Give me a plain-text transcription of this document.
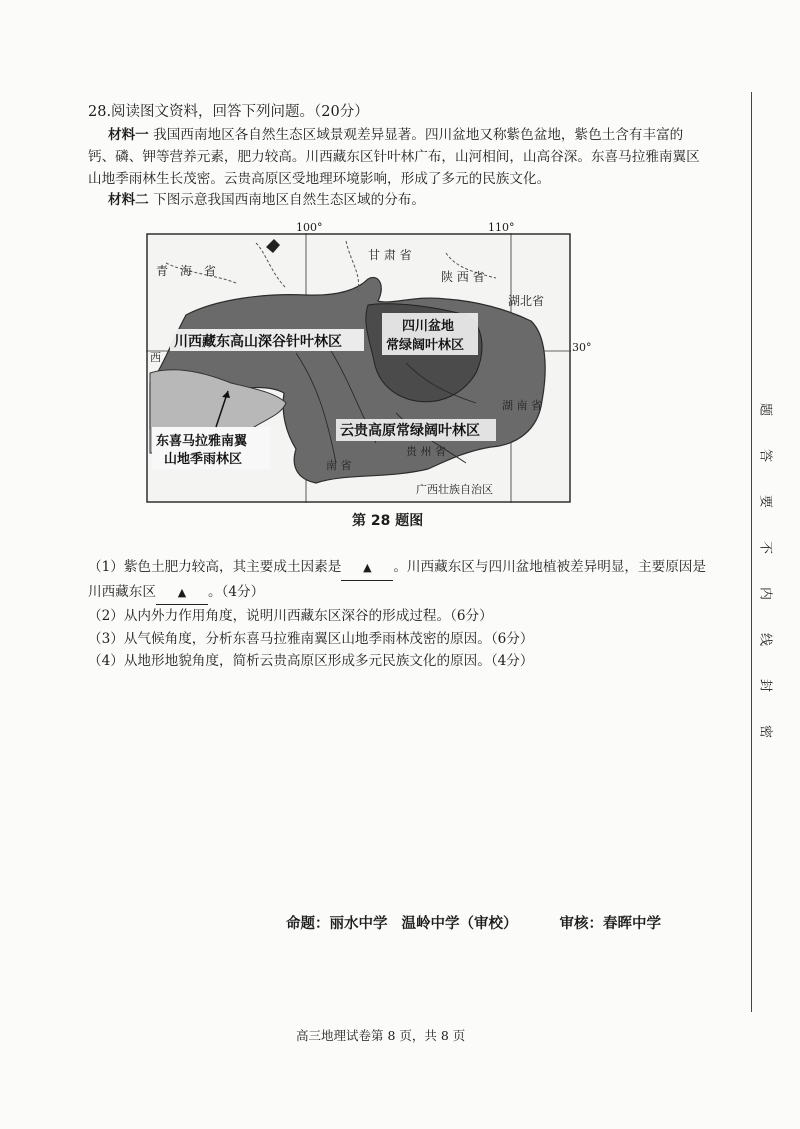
28.阅读图文资料，回答下列问题。（20分）
材料一 我国西南地区各自然生态区域景观差异显著。四川盆地又称紫色盆地，紫色土含有丰富的钙、磷、钾等营养元素，肥力较高。川西藏东区针叶林广布，山河相间，山高谷深。东喜马拉雅南翼区山地季雨林生长茂密。云贵高原区受地理环境影响，形成了多元的民族文化。
材料二 下图示意我国西南地区自然生态区域的分布。
青　海　省
甘 肃 省
陕 西 省
湖北省
湖 南 省
贵 州 省
南 省
广西壮族自治区
西
川西藏东高山深谷针叶林区
四川盆地
常绿阔叶林区
云贵高原常绿阔叶林区
东喜马拉雅南翼
山地季雨林区
100°	110°
30°
第 28 题图

（1）紫色土肥力较高，其主要成土因素是 ▲ 。川西藏东区与四川盆地植被差异明显，主要原因是川西藏东区 ▲ 。（4分）

（2）从内外力作用角度，说明川西藏东区深谷的形成过程。（6分）

（3）从气候角度，分析东喜马拉雅南翼区山地季雨林茂密的原因。（6分）

（4）从地形地貌角度，简析云贵高原区形成多元民族文化的原因。（4分）

命题：丽水中学 温岭中学（审校）	审核：春晖中学
高三地理试卷第 8 页，共 8 页
题
答
要
不
内
线
封
密
